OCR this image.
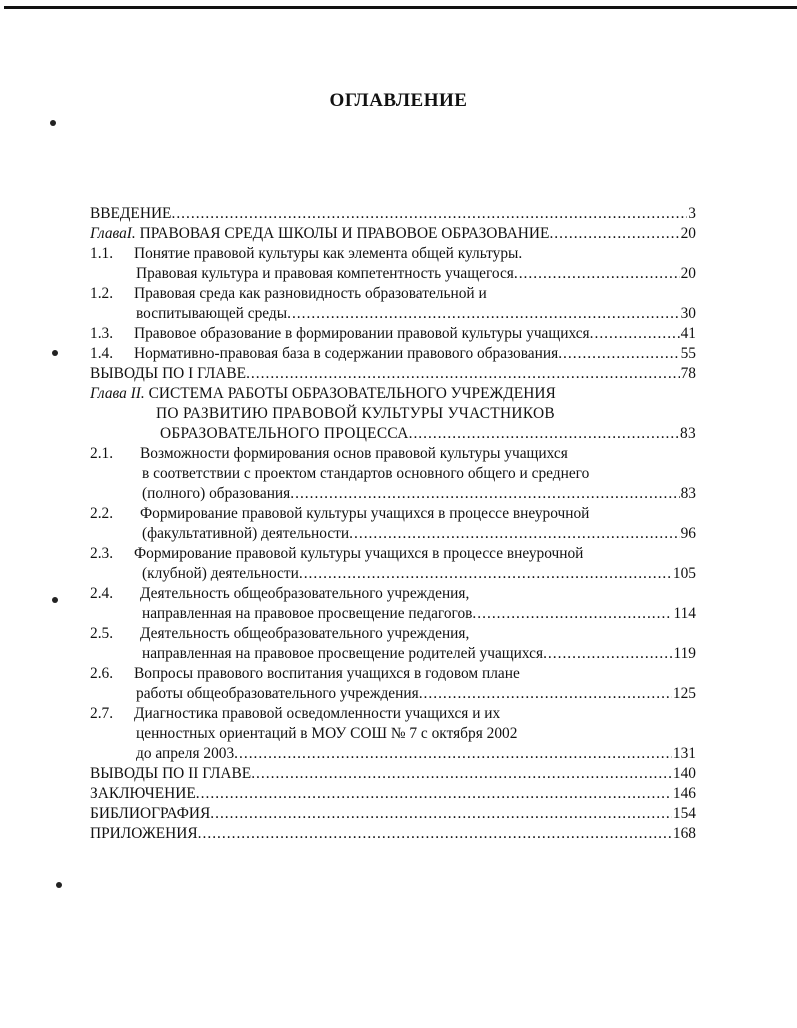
ОГЛАВЛЕНИЕ
ВВЕДЕНИЕ .....	3
ГлаваI.
ПРАВОВАЯ СРЕДА ШКОЛЫ И ПРАВОВОЕ ОБРАЗОВАНИЕ .....	20
1.1.	Понятие правовой культуры как элемента общей культуры.
Правовая культура и правовая компетентность учащегося .....	20
1.2.	Правовая среда как разновидность образовательной и
воспитывающей среды .....	30
1.3.	Правовое образование в формировании правовой культуры учащихся .....	41
1.4.	Нормативно-правовая база в содержании правового образования .....	55
ВЫВОДЫ ПО I ГЛАВЕ .....	78
Глава II.
СИСТЕМА РАБОТЫ ОБРАЗОВАТЕЛЬНОГО УЧРЕЖДЕНИЯ
ПО РАЗВИТИЮ ПРАВОВОЙ КУЛЬТУРЫ УЧАСТНИКОВ
ОБРАЗОВАТЕЛЬНОГО ПРОЦЕССА .....	83
2.1.	Возможности формирования основ правовой культуры учащихся
в соответствии с проектом стандартов основного общего и среднего
(полного) образования .....	83
2.2.	Формирование правовой культуры учащихся в процессе внеурочной
(факультативной) деятельности .....	96
2.3.	Формирование правовой культуры учащихся в процессе внеурочной
(клубной) деятельности .....	105
2.4.	Деятельность общеобразовательного учреждения,
направленная на правовое просвещение педагогов .....	114
2.5.	Деятельность общеобразовательного учреждения,
направленная на правовое просвещение родителей учащихся .....	119
2.6.	Вопросы правового воспитания учащихся в годовом плане
работы общеобразовательного учреждения .....	125
2.7.	Диагностика правовой осведомленности учащихся и их
ценностных ориентаций в МОУ СОШ № 7 с октября 2002
до апреля 2003 .....	131
ВЫВОДЫ ПО II ГЛАВЕ .....	140
ЗАКЛЮЧЕНИЕ .....	146
БИБЛИОГРАФИЯ .....	154
ПРИЛОЖЕНИЯ .....	168
